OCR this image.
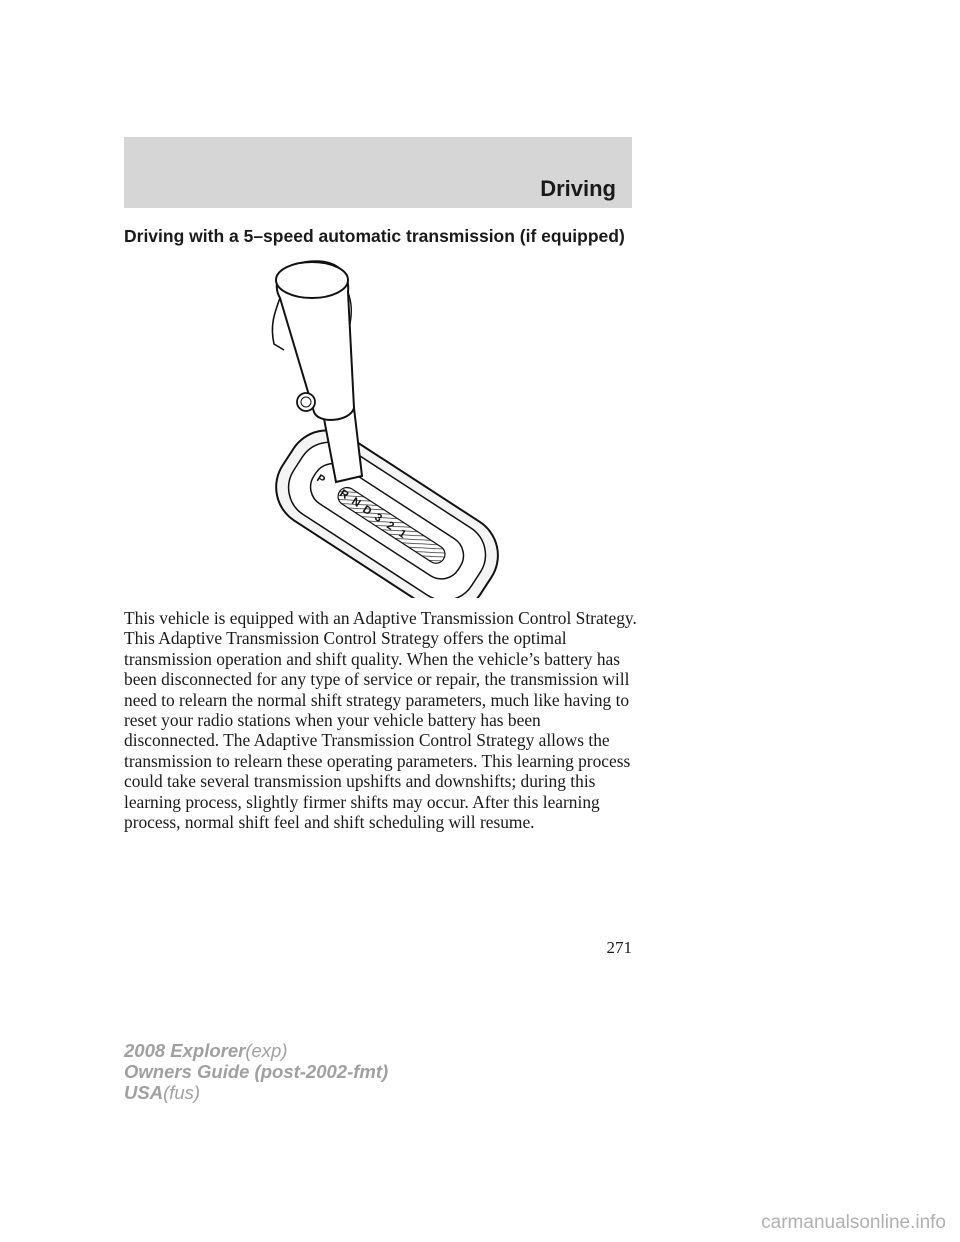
Driving
Driving with a 5–speed automatic transmission (if equipped)
P
R
N
D
3
2
1

This vehicle is equipped with an Adaptive Transmission Control Strategy.
This Adaptive Transmission Control Strategy offers the optimal
transmission operation and shift quality. When the vehicle’s battery has
been disconnected for any type of service or repair, the transmission will
need to relearn the normal shift strategy parameters, much like having to
reset your radio stations when your vehicle battery has been
disconnected. The Adaptive Transmission Control Strategy allows the
transmission to relearn these operating parameters. This learning process
could take several transmission upshifts and downshifts; during this
learning process, slightly firmer shifts may occur. After this learning
process, normal shift feel and shift scheduling will resume.

271
2008 Explorer(exp)
Owners Guide (post-2002-fmt)
USA(fus)
carmanualsonline.info
